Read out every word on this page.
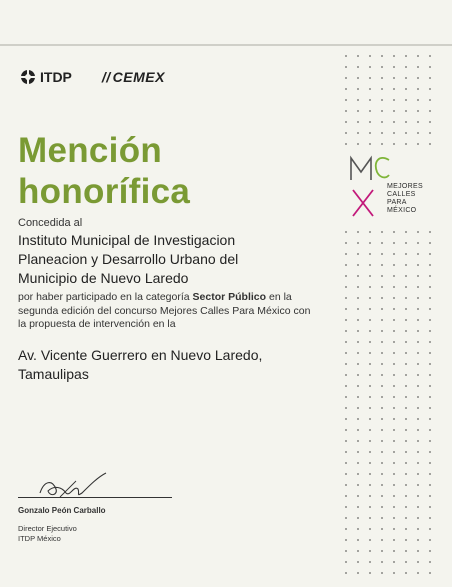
ITDP // CEMEX
Mención
honorífica
Concedida al
Instituto Municipal de Investigacion
Planeacion y Desarrollo Urbano del
Municipio de Nuevo Laredo
por haber participado en la categoría Sector Público en la segunda edición del concurso Mejores Calles Para México con la propuesta de intervención en la
Av. Vicente Guerrero en Nuevo Laredo,
Tamaulipas
Gonzalo Peón Carballo
Director Ejecutivo
ITDP México
MEJORES
CALLES
PARA
MÉXICO
